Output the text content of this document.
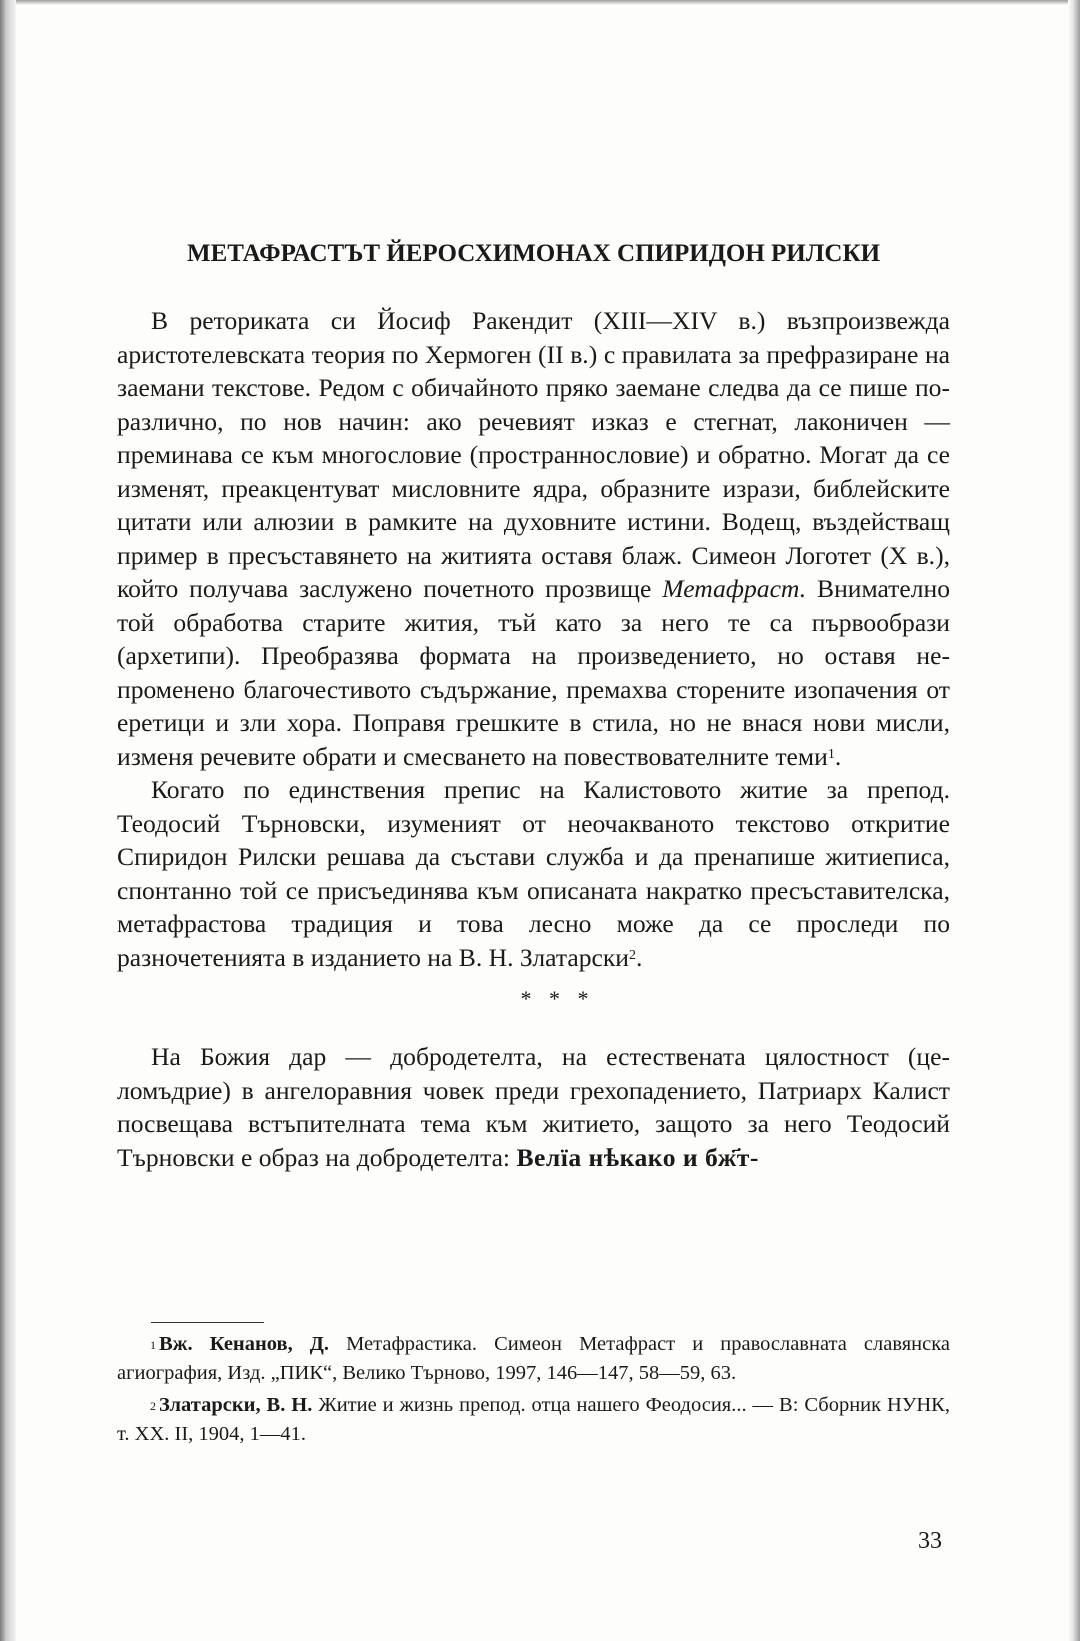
МЕТАФРАСТЪТ ЙЕРОСХИМОНАХ СПИРИДОН РИЛСКИ

В реториката си Йосиф Ракендит (XIII—XIV в.) възпроизвежда аристотелевската теория по Хермоген (II в.) с правилата за префразиране на заемани текстове. Редом с обичайното пряко заемане следва да се пише по-различно, по нов начин: ако речевият изказ е стегнат, лаконичен — преминава се към многословие (пространнословие) и обратно. Могат да се изменят, преакцентуват мисловните ядра, образните изрази, библейските цитати или алюзии в рамките на духовните истини. Водещ, въздействащ пример в пресъставянето на житията оставя блаж. Симеон Логотет (X в.), който получава заслужено почетното прозвище Метафраст. Внимателно той обработва старите жития, тъй като за него те са първообрази (архетипи). Преобразява формата на произведението, но оставя непроменено благочестивото съдържание, премахва сторените изопачения от еретици и зли хора. Поправя грешките в стила, но не внася нови мисли, изменя речевите обрати и смесването на повествователните теми$^1$.

Когато по единствения препис на Калистовото житие за препод. Теодосий Търновски, изуменият от неочакваното текстово откритие Спиридон Рилски решава да състави служба и да пренапише житиеписа, спонтанно той се присъединява към описаната накратко пресъставителска, метафрастова традиция и това лесно може да се проследи по разночетенията в изданието на В. Н. Златарски$^2$.

* * *

На Божия дар — добродетелта, на естествената цялостност (целомъдрие) в ангелоравния човек преди грехопадението, Патриарх Калист посвещава встъпителната тема към житието, защото за него Теодосий Търновски е образ на добродетелта: Велїа нѣкако и бж҃т-

$^1$ Вж. Кенанов, Д. Метафрастика. Симеон Метафраст и православната славянска агиография, Изд. „ПИК“, Велико Търново, 1997, 146—147, 58—59, 63.

$^2$ Златарски, В. Н. Житие и жизнь препод. отца нашего Феодосия... — В: Сборник НУНК, т. XX. II, 1904, 1—41.

33
